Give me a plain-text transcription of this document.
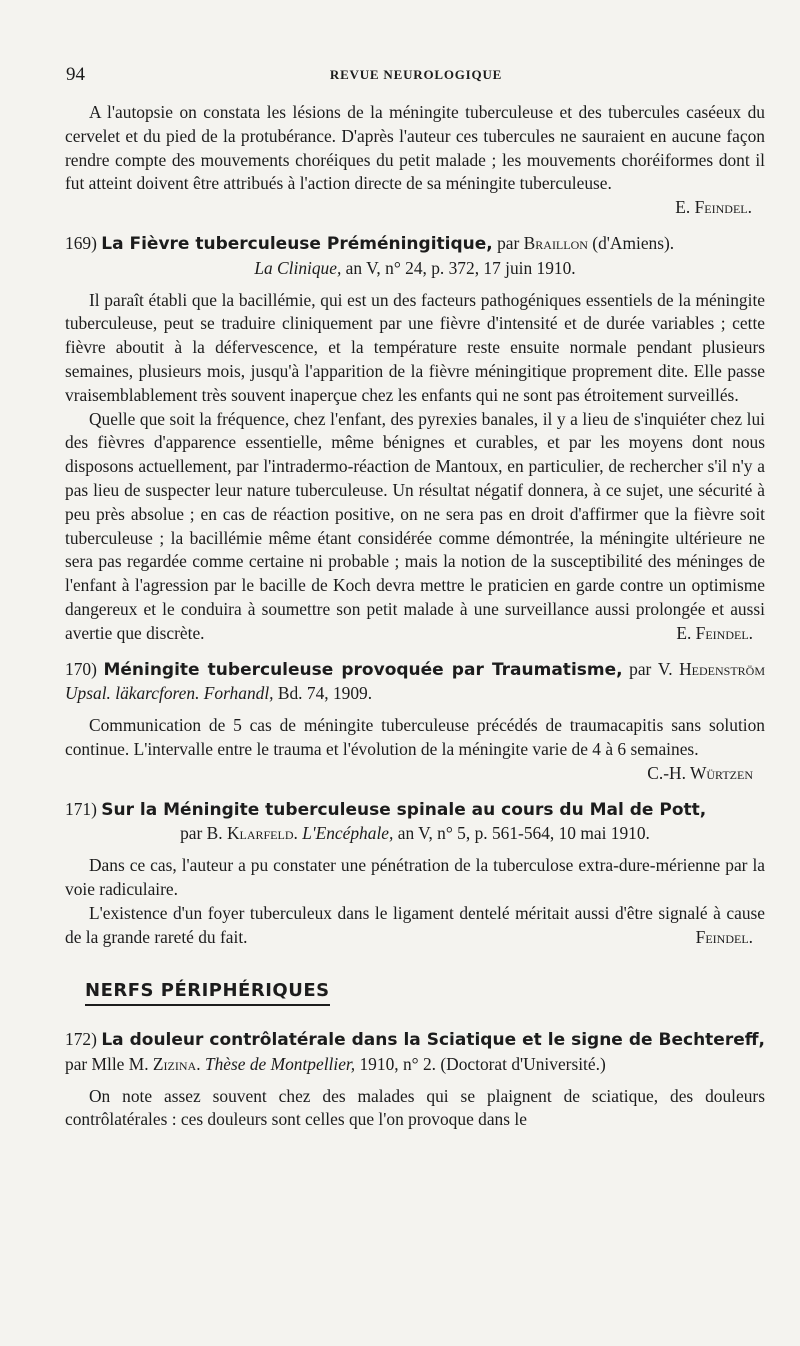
94	REVUE NEUROLOGIQUE

A l'autopsie on constata les lésions de la méningite tuberculeuse et des tubercules caséeux du cervelet et du pied de la protubérance. D'après l'auteur ces tubercules ne sauraient en aucune façon rendre compte des mouvements choréiques du petit malade ; les mouvements choréiformes dont il fut atteint doivent être attribués à l'action directe de sa méningite tuberculeuse.

E. Feindel.

169) La Fièvre tuberculeuse Préméningitique, par Braillon (d'Amiens).

La Clinique, an V, n° 24, p. 372, 17 juin 1910.

Il paraît établi que la bacillémie, qui est un des facteurs pathogéniques essentiels de la méningite tuberculeuse, peut se traduire cliniquement par une fièvre d'intensité et de durée variables ; cette fièvre aboutit à la défervescence, et la température reste ensuite normale pendant plusieurs semaines, plusieurs mois, jusqu'à l'apparition de la fièvre méningitique proprement dite. Elle passe vraisemblablement très souvent inaperçue chez les enfants qui ne sont pas étroitement surveillés.

Quelle que soit la fréquence, chez l'enfant, des pyrexies banales, il y a lieu de s'inquiéter chez lui des fièvres d'apparence essentielle, même bénignes et curables, et par les moyens dont nous disposons actuellement, par l'intradermo-réaction de Mantoux, en particulier, de rechercher s'il n'y a pas lieu de suspecter leur nature tuberculeuse. Un résultat négatif donnera, à ce sujet, une sécurité à peu près absolue ; en cas de réaction positive, on ne sera pas en droit d'affirmer que la fièvre soit tuberculeuse ; la bacillémie même étant considérée comme démontrée, la méningite ultérieure ne sera pas regardée comme certaine ni probable ; mais la notion de la susceptibilité des méninges de l'enfant à l'agression par le bacille de Koch devra mettre le praticien en garde contre un optimisme dangereux et le conduira à soumettre son petit malade à une surveillance aussi prolongée et aussi avertie que discrète.	E. Feindel.

170) Méningite tuberculeuse provoquée par Traumatisme, par V. Hedenström Upsal. läkarcforen. Forhandl, Bd. 74, 1909.

Communication de 5 cas de méningite tuberculeuse précédés de traumacapitis sans solution continue. L'intervalle entre le trauma et l'évolution de la méningite varie de 4 à 6 semaines.
C.-H. Würtzen

171) Sur la Méningite tuberculeuse spinale au cours du Mal de Pott,

par B. Klarfeld. L'Encéphale, an V, n° 5, p. 561-564, 10 mai 1910.

Dans ce cas, l'auteur a pu constater une pénétration de la tuberculose extra-dure-mérienne par la voie radiculaire.

L'existence d'un foyer tuberculeux dans le ligament dentelé méritait aussi d'être signalé à cause de la grande rareté du fait.	Feindel.

NERFS PÉRIPHÉRIQUES

172) La douleur contrôlatérale dans la Sciatique et le signe de Bechtereff, par Mlle M. Zizina. Thèse de Montpellier, 1910, n° 2. (Doctorat d'Université.)

On note assez souvent chez des malades qui se plaignent de sciatique, des douleurs contrôlatérales : ces douleurs sont celles que l'on provoque dans le
